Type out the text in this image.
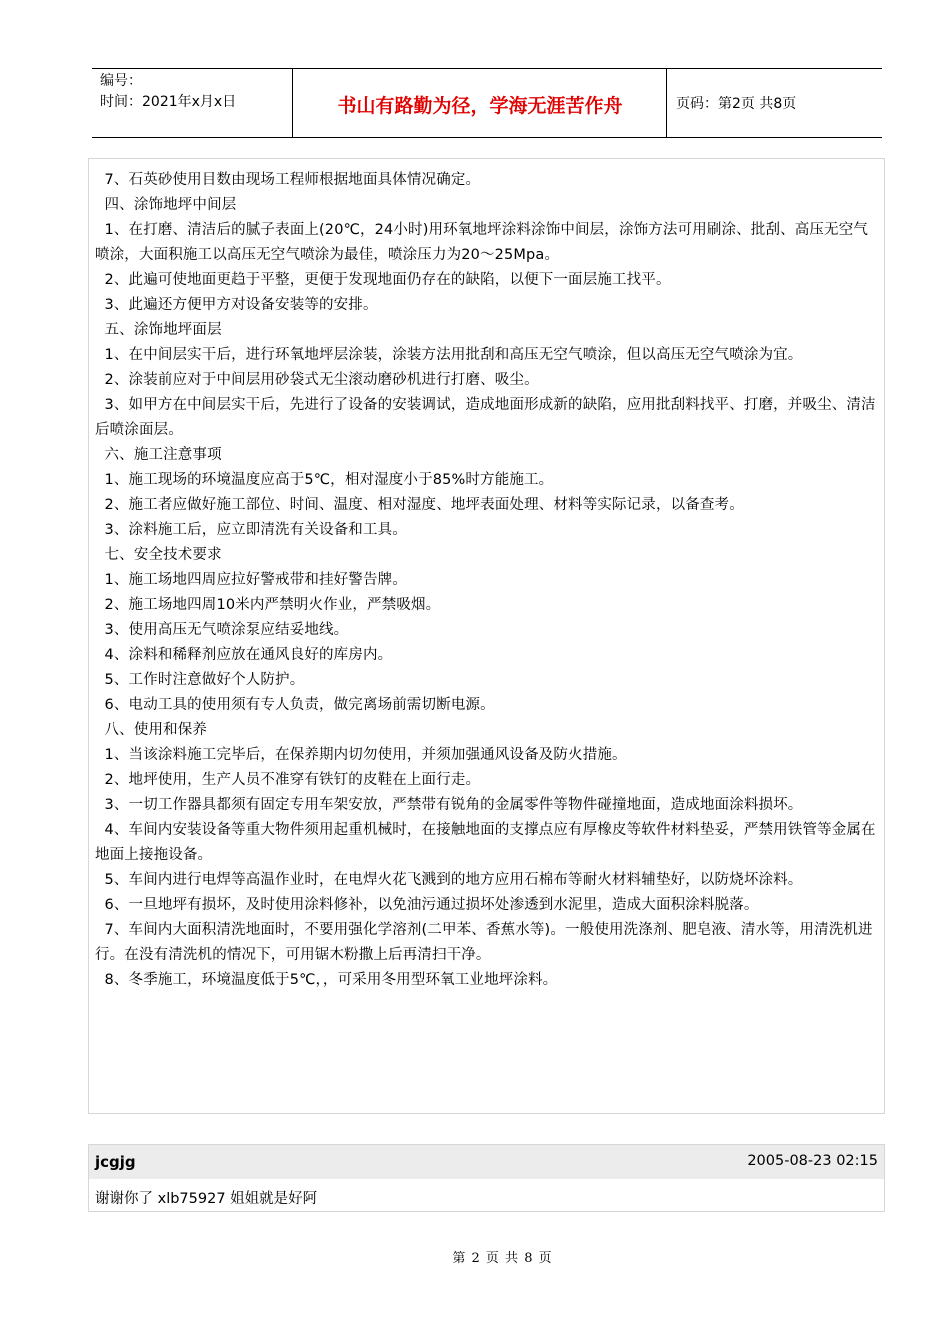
编号：
时间：2021年x月x日	书山有路勤为径，学海无涯苦作舟	页码：第2页 共8页

7、石英砂使用目数由现场工程师根据地面具体情况确定。

四、涂饰地坪中间层

1、在打磨、清洁后的腻子表面上(20℃，24小时)用环氧地坪涂料涂饰中间层，涂饰方法可用刷涂、批刮、高压无空气喷涂，大面积施工以高压无空气喷涂为最佳，喷涂压力为20～25Mpa。

2、此遍可使地面更趋于平整，更便于发现地面仍存在的缺陷，以便下一面层施工找平。

3、此遍还方便甲方对设备安装等的安排。

五、涂饰地坪面层

1、在中间层实干后，进行环氧地坪层涂装，涂装方法用批刮和高压无空气喷涂，但以高压无空气喷涂为宜。

2、涂装前应对于中间层用砂袋式无尘滚动磨砂机进行打磨、吸尘。

3、如甲方在中间层实干后，先进行了设备的安装调试，造成地面形成新的缺陷，应用批刮料找平、打磨，并吸尘、清洁后喷涂面层。

六、施工注意事项

1、施工现场的环境温度应高于5℃，相对湿度小于85%时方能施工。

2、施工者应做好施工部位、时间、温度、相对湿度、地坪表面处理、材料等实际记录，以备查考。

3、涂料施工后，应立即清洗有关设备和工具。

七、安全技术要求

1、施工场地四周应拉好警戒带和挂好警告牌。

2、施工场地四周10米内严禁明火作业，严禁吸烟。

3、使用高压无气喷涂泵应结妥地线。

4、涂料和稀释剂应放在通风良好的库房内。

5、工作时注意做好个人防护。

6、电动工具的使用须有专人负责，做完离场前需切断电源。

八、使用和保养

1、当该涂料施工完毕后，在保养期内切勿使用，并须加强通风设备及防火措施。

2、地坪使用，生产人员不准穿有铁钉的皮鞋在上面行走。

3、一切工作器具都须有固定专用车架安放，严禁带有锐角的金属零件等物件碰撞地面，造成地面涂料损坏。

4、车间内安装设备等重大物件须用起重机械时，在接触地面的支撑点应有厚橡皮等软件材料垫妥，严禁用铁管等金属在地面上接拖设备。

5、车间内进行电焊等高温作业时，在电焊火花飞溅到的地方应用石棉布等耐火材料辅垫好，以防烧坏涂料。

6、一旦地坪有损坏，及时使用涂料修补，以免油污通过损坏处渗透到水泥里，造成大面积涂料脱落。

7、车间内大面积清洗地面时，不要用强化学溶剂(二甲苯、香蕉水等)。一般使用洗涤剂、肥皂液、清水等，用清洗机进行。在没有清洗机的情况下，可用锯木粉撒上后再清扫干净。

8、冬季施工，环境温度低于5℃，，可采用冬用型环氧工业地坪涂料。

jcgjg	2005-08-23 02:15
谢谢你了 xlb75927 姐姐就是好阿
第 2 页 共 8 页
